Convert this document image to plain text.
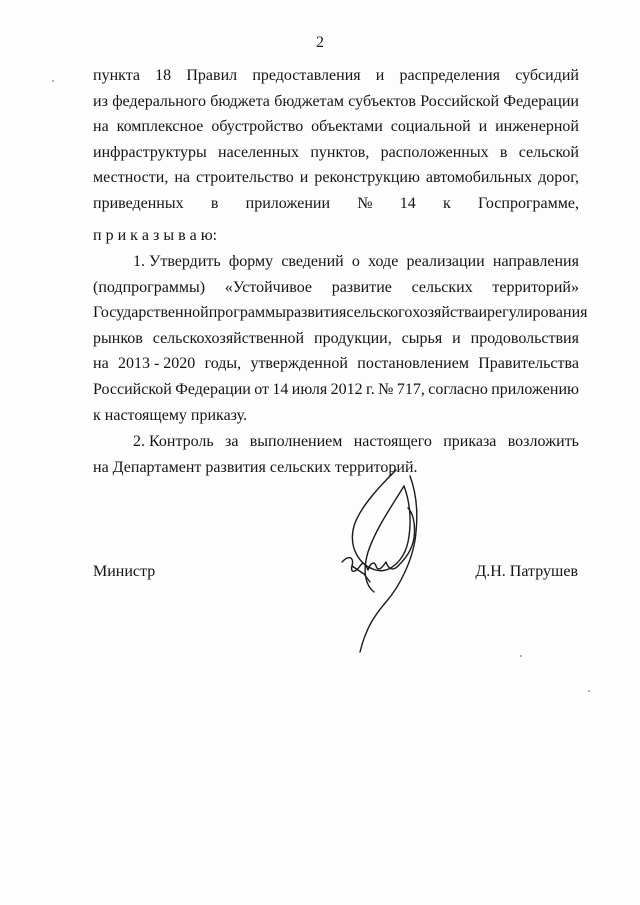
2
пункта 18 Правил предоставления и распределения субсидий
из федерального бюджета бюджетам субъектов Российской Федерации
на комплексное обустройство объектами социальной и инженерной
инфраструктуры населенных пунктов, расположенных в сельской
местности, на строительство и реконструкцию автомобильных дорог,
приведенных в приложении № 14 к Госпрограмме,
п р и к а з ы в а ю:
1. Утвердить форму сведений о ходе реализации направления
(подпрограммы) «Устойчивое развитие сельских территорий»
Государственной программы развития сельского хозяйства и регулирования
рынков сельскохозяйственной продукции, сырья и продовольствия
на 2013 - 2020 годы, утвержденной постановлением Правительства
Российской Федерации от 14 июля 2012 г. № 717, согласно приложению
к настоящему приказу.
2. Контроль за выполнением настоящего приказа возложить
на Департамент развития сельских территорий.
Министр	Д.Н. Патрушев
